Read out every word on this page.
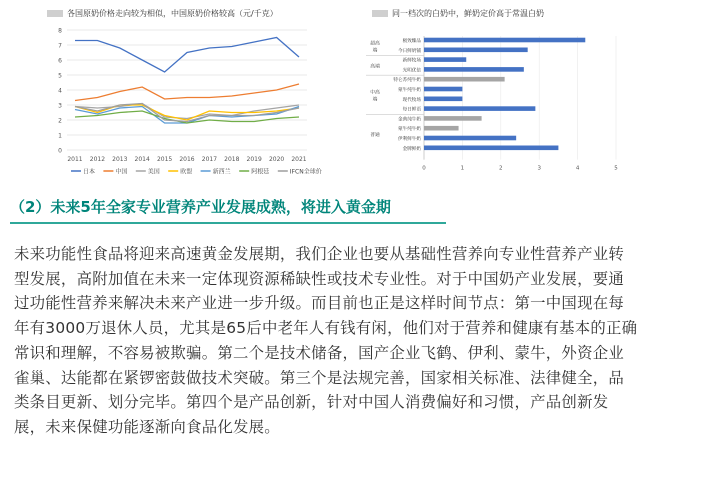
各国原奶价格走向较为相似，中国原奶价格较高（元/千克）
0
1
2
3
4
5
6
7
8
2011 2012 2013 2014 2015 2016 2017 2018 2019 2020 2021
日本	中国	美国	欧盟	新西兰	阿根廷	IFCN全球价
同一档次的白奶中，鲜奶定价高于常温白奶
0	1	2	3	4	5
极致臻品
今日鲜奶铺
超高
端
新鲜牧场
光明优倍
高端
特仑苏纯牛奶
蒙牛纯牛奶
现代牧场
每日鲜语
中高
端
金典纯牛奶
蒙牛纯牛奶
伊利鲜牛奶
金牌鲜奶
普通
（2）未来5年全家专业营养产业发展成熟，将进入黄金期
未来功能性食品将迎来高速黄金发展期，我们企业也要从基础性营养向专业性营养产业转
型发展，高附加值在未来一定体现资源稀缺性或技术专业性。对于中国奶产业发展，要通
过功能性营养来解决未来产业进一步升级。而目前也正是这样时间节点：第一中国现在每
年有3000万退休人员，尤其是65后中老年人有钱有闲，他们对于营养和健康有基本的正确
常识和理解，不容易被欺骗。第二个是技术储备，国产企业飞鹤、伊利、蒙牛，外资企业
雀巢、达能都在紧锣密鼓做技术突破。第三个是法规完善，国家相关标准、法律健全，品
类条目更新、划分完毕。第四个是产品创新，针对中国人消费偏好和习惯，产品创新发
展，未来保健功能逐渐向食品化发展。
